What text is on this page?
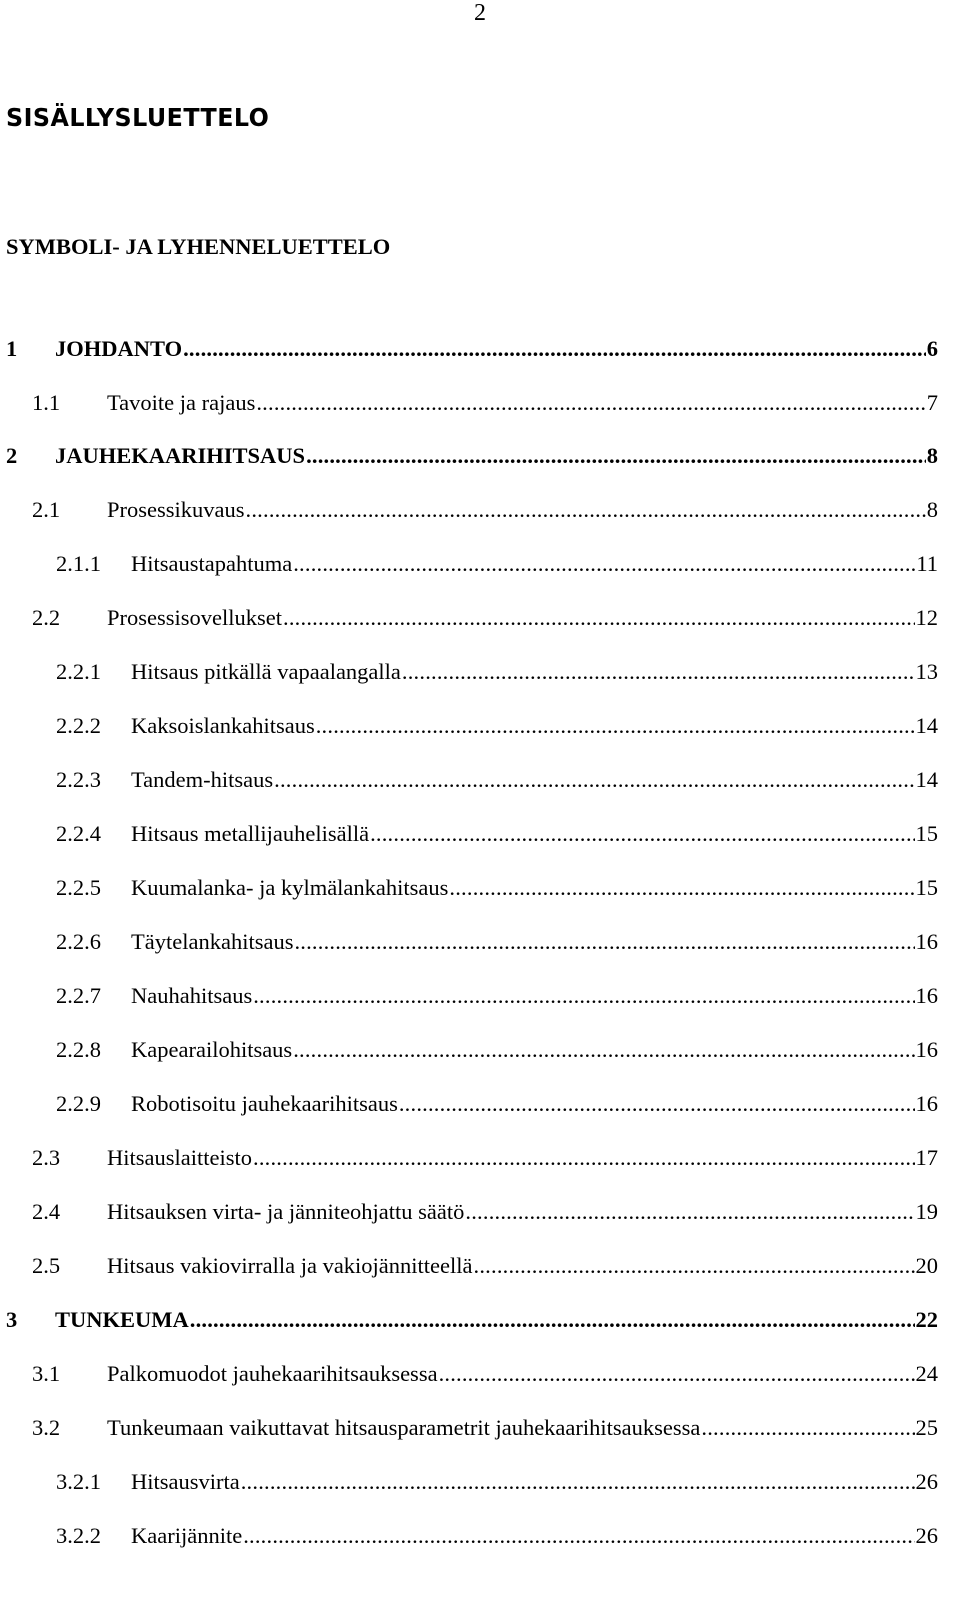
2
SISÄLLYSLUETTELO
SYMBOLI- JA LYHENNELUETTELO
1 JOHDANTO .....	6
1.1 Tavoite ja rajaus .....	7
2 JAUHEKAARIHITSAUS .....	8
2.1 Prosessikuvaus .....	8
2.1.1 Hitsaustapahtuma .....	11
2.2 Prosessisovellukset .....	12
2.2.1 Hitsaus pitkällä vapaalangalla .....	13
2.2.2 Kaksoislankahitsaus .....	14
2.2.3 Tandem-hitsaus .....	14
2.2.4 Hitsaus metallijauhelisällä .....	15
2.2.5 Kuumalanka- ja kylmälankahitsaus .....	15
2.2.6 Täytelankahitsaus .....	16
2.2.7 Nauhahitsaus .....	16
2.2.8 Kapearailohitsaus .....	16
2.2.9 Robotisoitu jauhekaarihitsaus .....	16
2.3 Hitsauslaitteisto .....	17
2.4 Hitsauksen virta- ja jänniteohjattu säätö .....	19
2.5 Hitsaus vakiovirralla ja vakiojännitteellä .....	20
3 TUNKEUMA .....	22
3.1 Palkomuodot jauhekaarihitsauksessa .....	24
3.2 Tunkeumaan vaikuttavat hitsausparametrit jauhekaarihitsauksessa .....	25
3.2.1 Hitsausvirta .....	26
3.2.2 Kaarijännite .....	26
